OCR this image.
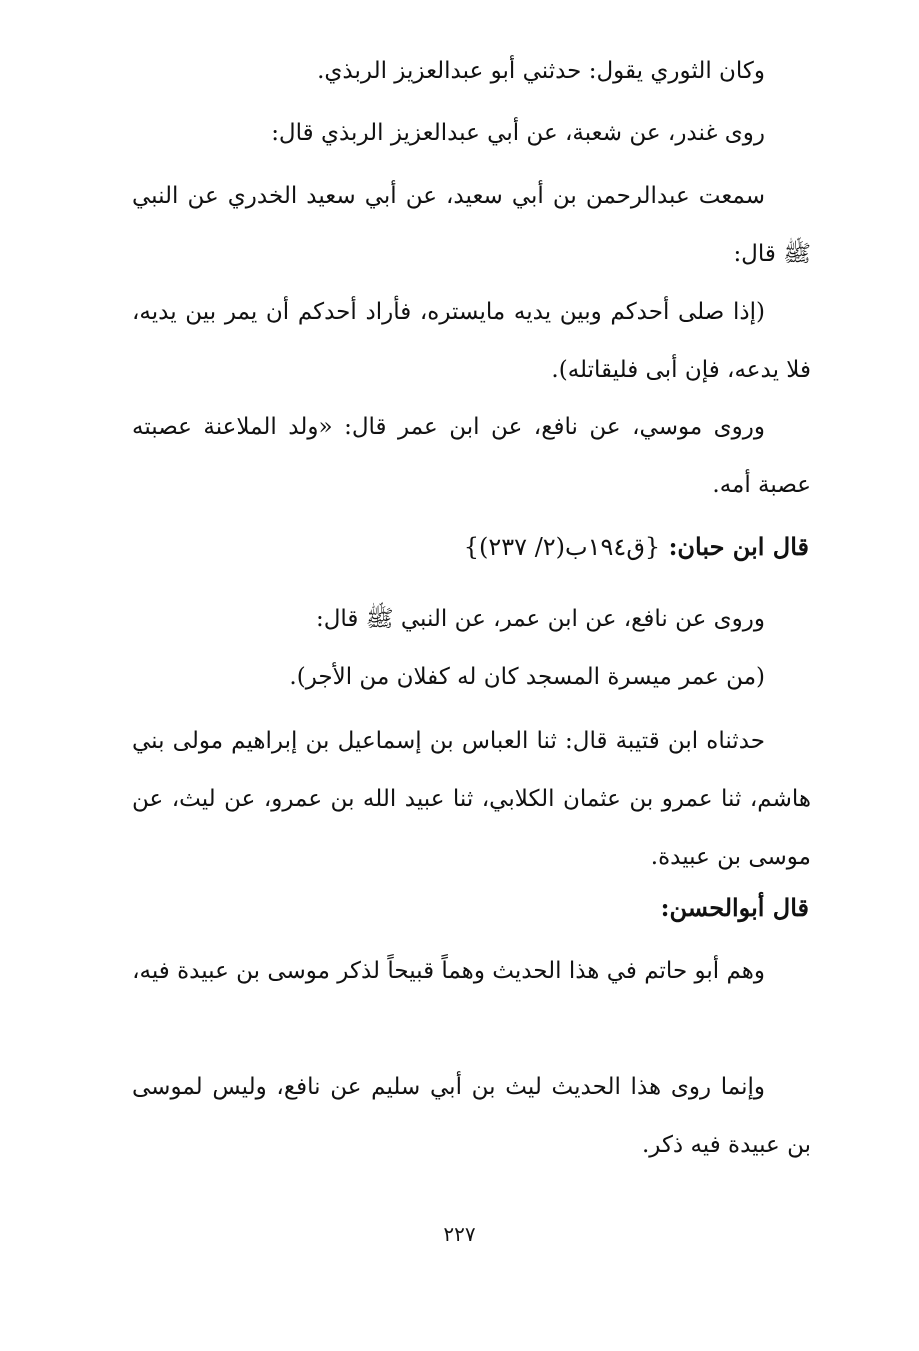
وكان الثوري يقول: حدثني أبو عبدالعزيز الربذي.
روى غندر، عن شعبة، عن أبي عبدالعزيز الربذي قال:
سمعت عبدالرحمن بن أبي سعيد، عن أبي سعيد الخدري عن النبي ﷺ قال:
(إذا صلى أحدكم وبين يديه مايستره، فأراد أحدكم أن يمر بين يديه، فلا يدعه، فإن أبى فليقاتله).
وروى موسي، عن نافع، عن ابن عمر قال: «ولد الملاعنة عصبته عصبة أمه.
قال ابن حبان: {ق١٩٤ب(٢/ ٢٣٧)}
وروى عن نافع، عن ابن عمر، عن النبي ﷺ قال:
(من عمر ميسرة المسجد كان له كفلان من الأجر).
حدثناه ابن قتيبة قال: ثنا العباس بن إسماعيل بن إبراهيم مولى بني هاشم، ثنا عمرو بن عثمان الكلابي، ثنا عبيد الله بن عمرو، عن ليث، عن موسى بن عبيدة.
قال أبوالحسن:
وهم أبو حاتم في هذا الحديث وهماً قبيحاً لذكر موسى بن عبيدة فيه،
وإنما روى هذا الحديث ليث بن أبي سليم عن نافع، وليس لموسى بن عبيدة فيه ذكر.
٢٢٧
